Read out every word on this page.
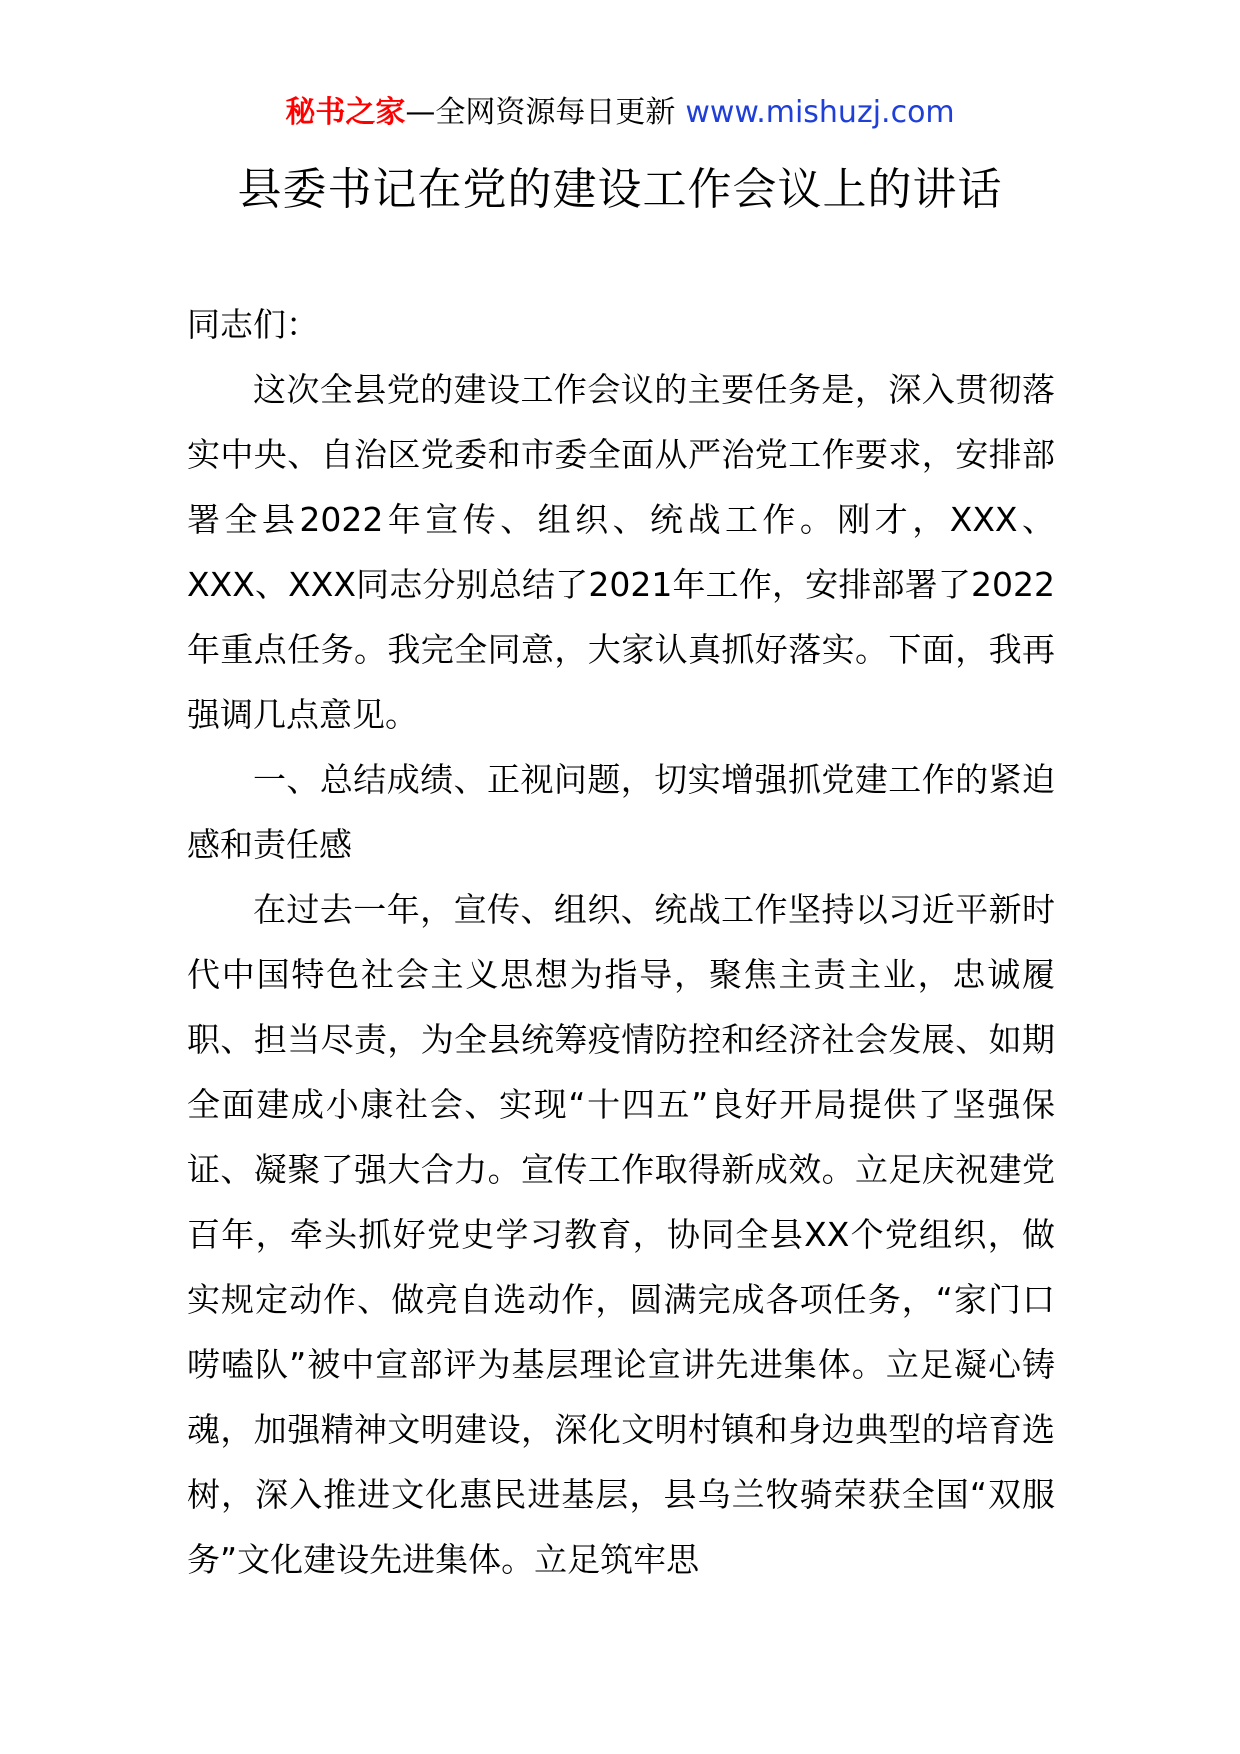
秘书之家—全网资源每日更新 www.mishuzj.com
县委书记在党的建设工作会议上的讲话

同志们：

这次全县党的建设工作会议的主要任务是，深入贯彻落实中央、自治区党委和市委全面从严治党工作要求，安排部署全县2022年宣传、组织、统战工作。刚才，XXX、XXX、XXX同志分别总结了2021年工作，安排部署了2022年重点任务。我完全同意，大家认真抓好落实。下面，我再强调几点意见。

一、总结成绩、正视问题，切实增强抓党建工作的紧迫感和责任感

在过去一年，宣传、组织、统战工作坚持以习近平新时代中国特色社会主义思想为指导，聚焦主责主业，忠诚履职、担当尽责，为全县统筹疫情防控和经济社会发展、如期全面建成小康社会、实现“十四五”良好开局提供了坚强保证、凝聚了强大合力。宣传工作取得新成效。立足庆祝建党百年，牵头抓好党史学习教育，协同全县XX个党组织，做实规定动作、做亮自选动作，圆满完成各项任务，“家门口唠嗑队”被中宣部评为基层理论宣讲先进集体。立足凝心铸魂，加强精神文明建设，深化文明村镇和身边典型的培育选树，深入推进文化惠民进基层，县乌兰牧骑荣获全国“双服务”文化建设先进集体。立足筑牢思
